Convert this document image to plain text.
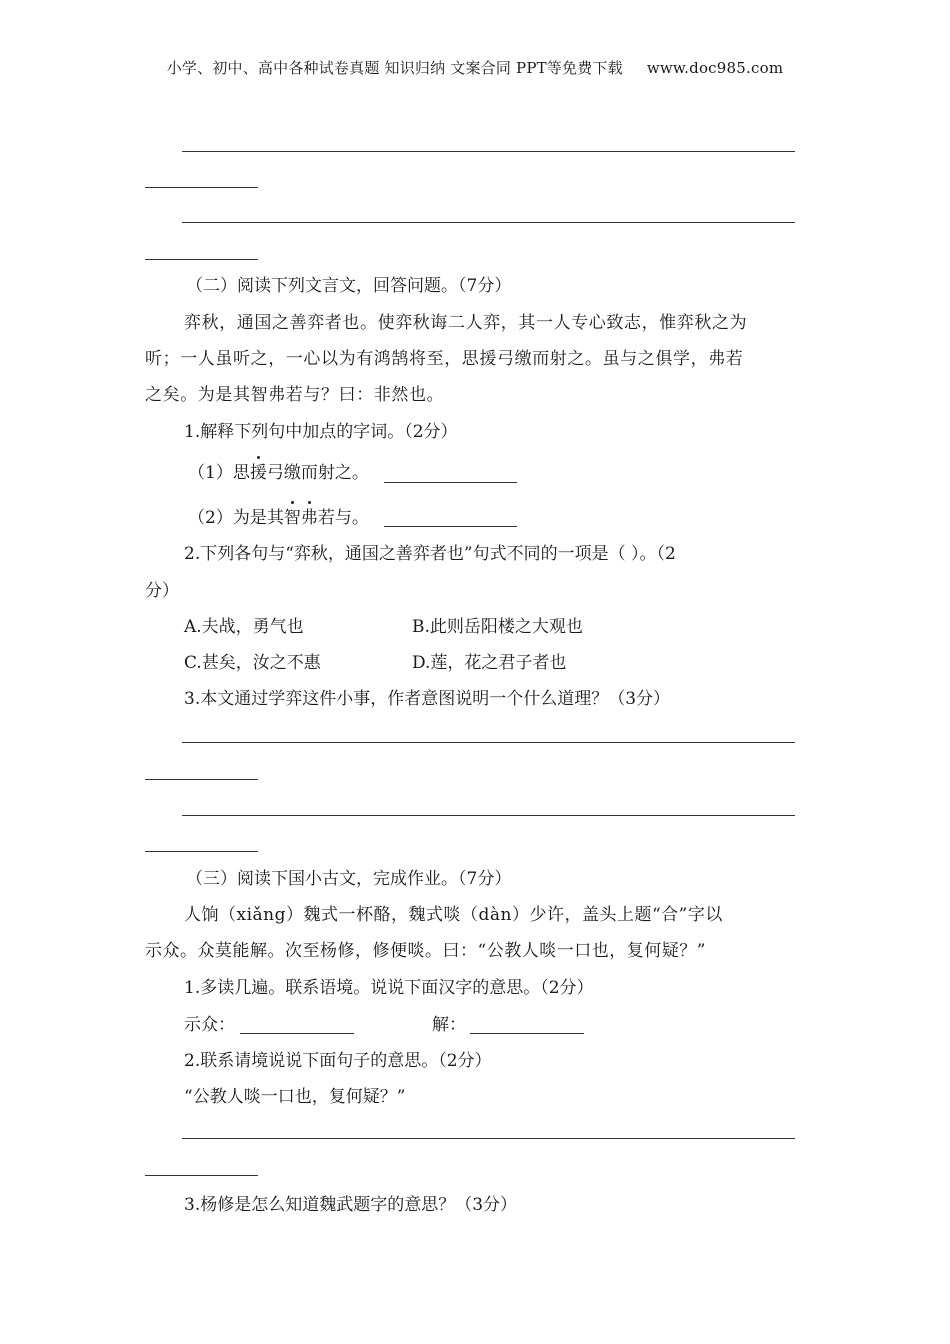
小学、初中、高中各种试卷真题 知识归纳 文案合同 PPT等免费下载 www.doc985.com
（二）阅读下列文言文，回答问题。（7分）
弈秋，通国之善弈者也。使弈秋诲二人弈，其一人专心致志，惟弈秋之为
听；一人虽听之，一心以为有鸿鹄将至，思援弓缴而射之。虽与之俱学，弗若
之矣。为是其智弗若与？曰：非然也。
1.解释下列句中加点的字词。（2分）
（1）思援弓缴而射之。
（2）为是其智弗若与。
2.下列各句与“弈秋，通国之善弈者也”句式不同的一项是（ ）。（2
分）
A.夫战，勇气也	B.此则岳阳楼之大观也
C.甚矣，汝之不惠	D.莲，花之君子者也
3.本文通过学弈这件小事，作者意图说明一个什么道理？（3分）
（三）阅读下国小古文，完成作业。（7分）
人饷（xiǎng）魏式一杯酪，魏式啖（dàn）少许，盖头上题“合”字以
示众。众莫能解。次至杨修，修便啖。曰：“公教人啖一口也，复何疑？”
1.多读几遍。联系语境。说说下面汉字的意思。（2分）
示众：	解：
2.联系请境说说下面句子的意思。（2分）
“公教人啖一口也，复何疑？”
3.杨修是怎么知道魏武题字的意思？（3分）
